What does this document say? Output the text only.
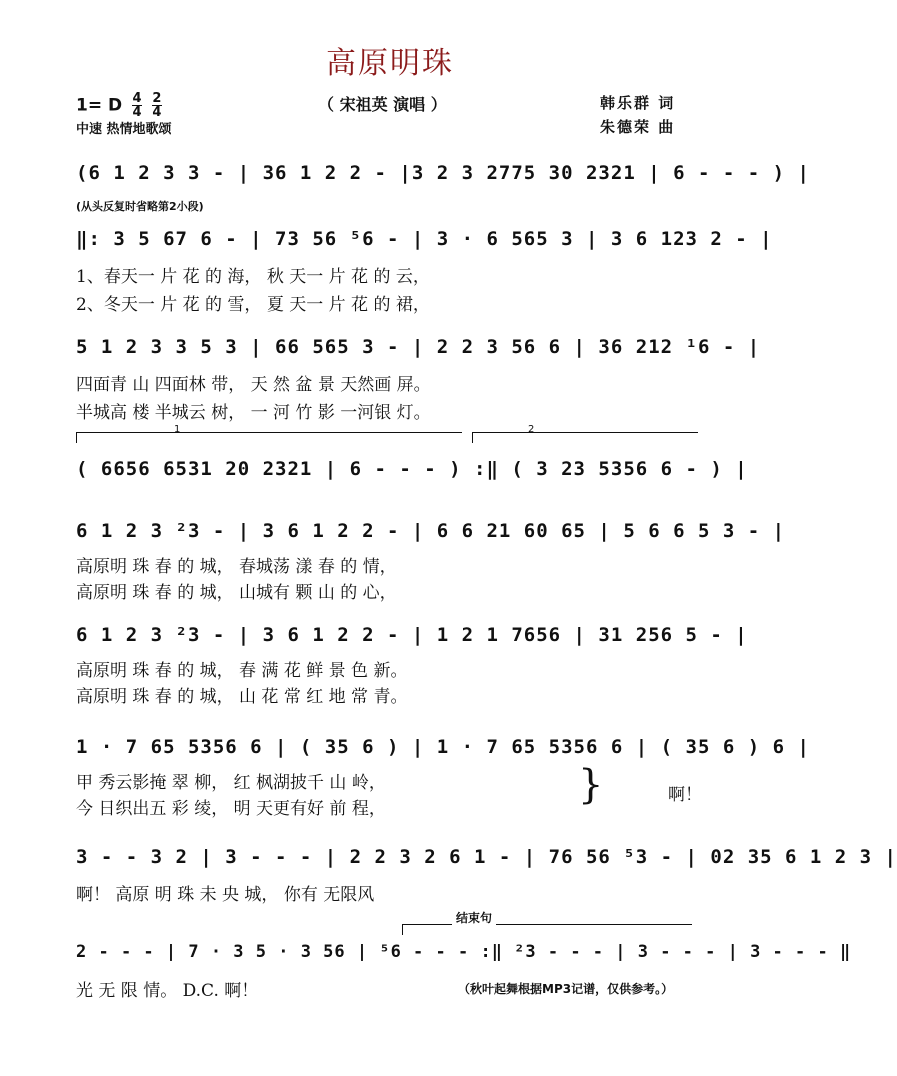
高原明珠
1= D $\frac{4}{4}$
$\frac{2}{4}$	（ 宋祖英 演唱 ）
中速 热情地歌颂
韩乐群 词
朱德荣 曲
(6 1 2 3 3 - | 36 1 2 2 - |3 2 3 2775 30 2321 | 6 - - - ) |
(从头反复时省略第2小段)
‖: 3 5 67 6 - | 73 56 ⁵6 - | 3 · 6 565 3 | 3 6 123 2 - |
1、春天一 片 花 的 海， 秋 天一 片 花 的 云，
2、冬天一 片 花 的 雪， 夏 天一 片 花 的 裙，
5 1 2 3 3 5 3 | 66 565 3 - | 2 2 3 56 6 | 36 212 ¹6 - |
四面青 山 四面林 带， 天 然 盆 景 天然画 屏。
半城高 楼 半城云 树， 一 河 竹 影 一河银 灯。
1	2
( 6656 6531 20 2321 | 6 - - - ) :‖ ( 3 23 5356 6 - ) |
6 1 2 3 ²3 - | 3 6 1 2 2 - | 6 6 21 60 65 | 5 6 6 5 3 - |
高原明 珠 春 的 城， 春城荡 漾 春 的 情，
高原明 珠 春 的 城， 山城有 颗 山 的 心，
6 1 2 3 ²3 - | 3 6 1 2 2 - | 1 2 1 7656 | 31 256 5 - |
高原明 珠 春 的 城， 春 满 花 鲜 景 色 新。
高原明 珠 春 的 城， 山 花 常 红 地 常 青。
1 · 7 65 5356 6 | ( 35 6 ) | 1 · 7 65 5356 6 | ( 35 6 ) 6 |
甲 秀云影掩 翠 柳， 红 枫湖披千 山 岭，
今 日织出五 彩 绫， 明 天更有好 前 程，
}	啊！
3 - - 3 2 | 3 - - - | 2 2 3 2 6 1 - | 76 56 ⁵3 - | 02 35 6 1 2 3 |
啊！ 高原 明 珠 未 央 城， 你有 无限风
结束句
2 - - - | 7 · 3 5 · 3 56 | ⁵6 - - - :‖ ²3 - - - | 3 - - - | 3 - - - ‖
光 无 限 情。 D.C. 啊！	（秋叶起舞根据MP3记谱，仅供参考。）
